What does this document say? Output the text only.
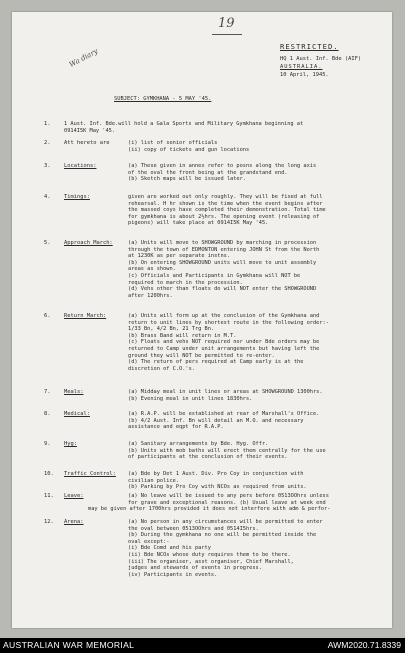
19
Wa diary
RESTRICTED.
HQ 1 Aust. Inf. Bde (AIF)
AUSTRALIA.
10 April, 1945.
SUBJECT: GYMKHANA - 5 MAY '45.
1.	1 Aust. Inf. Bde.will hold a Gala Sports and Military Gymkhana beginning at
0914I5K May '45.
2.	Att hereto are	(i) list of senior officials
(ii) copy of tickets and gun locations
3.	Locations:	(a) These given in annex refer to posns along the long axis
of the oval the front being at the grandstand end.
(b) Sketch maps will be issued later.
4.	Timings:	given are worked out only roughly. They will be fixed at full
rehearsal. H hr shown is the time when the event begins after
the massed coys have completed their demonstration. Total time
for gymkhana is about 2½hrs. The opening event (releasing of
pigeons) will take place at 0914I5K May '45.
5.	Approach March:	(a) Units will move to SHOWGROUND by marching in procession
through the town of EDMONTON entering JOHN St from the North
at 1230K as per separate instns.
(b) On entering SHOWGROUND units will move to unit assembly
areas as shown.
(c) Officials and Participants in Gymkhana will NOT be
required to march in the procession.
(d) Vehs other than floats do will NOT enter the SHOWGROUND
after 1200hrs.
6.	Return March:	(a) Units will form up at the conclusion of the Gymkhana and
return to unit lines by shortest route in the following order:-
1/33 Bn, 4/2 Bn, 21 Trg Bn.
(b) Brass Band will return in M.T.
(c) Floats and vehs NOT required nor under Bde orders may be
returned to Camp under unit arrangements but having left the
ground they will NOT be permitted to re-enter.
(d) The return of pers required at Camp early is at the
discretion of C.O.'s.
7.	Meals:	(a) Midday meal in unit lines or areas at SHOWGROUND 1300hrs.
(b) Evening meal in unit lines 1830hrs.
8.	Medical:	(a) R.A.P. will be established at rear of Marshall's Office.
(b) 4/2 Aust. Inf. Bn will detail an M.O. and necessary
assistance and eqpt for R.A.P.
9.	Hyg:	(a) Sanitary arrangements by Bde. Hyg. Offr.
(b) Units with mob baths will erect them centrally for the use
of participants at the conclusion of their events.
10. Traffic Control: (a) Bde by Det 1 Aust. Div. Pro Coy in conjunction with
civilian police.
(b) Parking by Pro Coy with NCOs as required from units.
11. Leave:	(a) No leave will be issued to any pers before 0513OOhrs unless
for grave and exceptional reasons. (b) Usual leave at week end
may be given after 1700hrs provided it does not interfere with adm & perfor-
12. Arena:	(a) No person in any circumstances will be permitted to enter
the oval between 0513OOhrs and 0514I5hrs.
(b) During the gymkhana no one will be permitted inside the
oval except:-
(i) Bde Comd and his party
(ii) Bde NCOs whose duty requires them to be there.
(iii) The organiser, asst organiser, Chief Marshall,
judges and stewards of events in progress.
(iv) Participants in events.
AUSTRALIAN WAR MEMORIAL	AWM2020.71.8339
